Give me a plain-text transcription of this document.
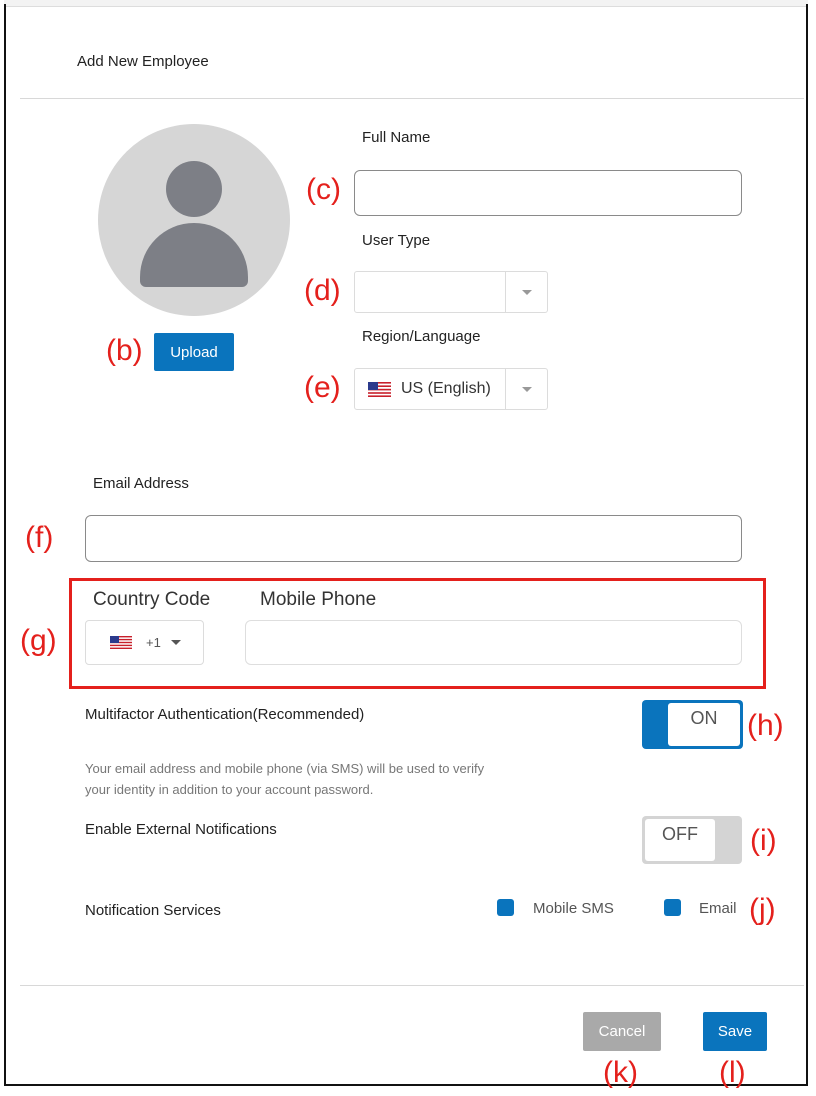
Add New Employee
(b)	Upload
Full Name
(c)
User Type
(d)
Region/Language
(e)	US (English)
Email Address
(f)
Country Code	Mobile Phone
(g)	+1
Multifactor Authentication(Recommended)	ON (h)
Your email address and mobile phone (via SMS) will be used to verify
your identity in addition to your account password.
Enable External Notifications	OFF	(i)
Notification Services	Mobile SMS	Email (j)
Cancel	Save
(k)	(l)
